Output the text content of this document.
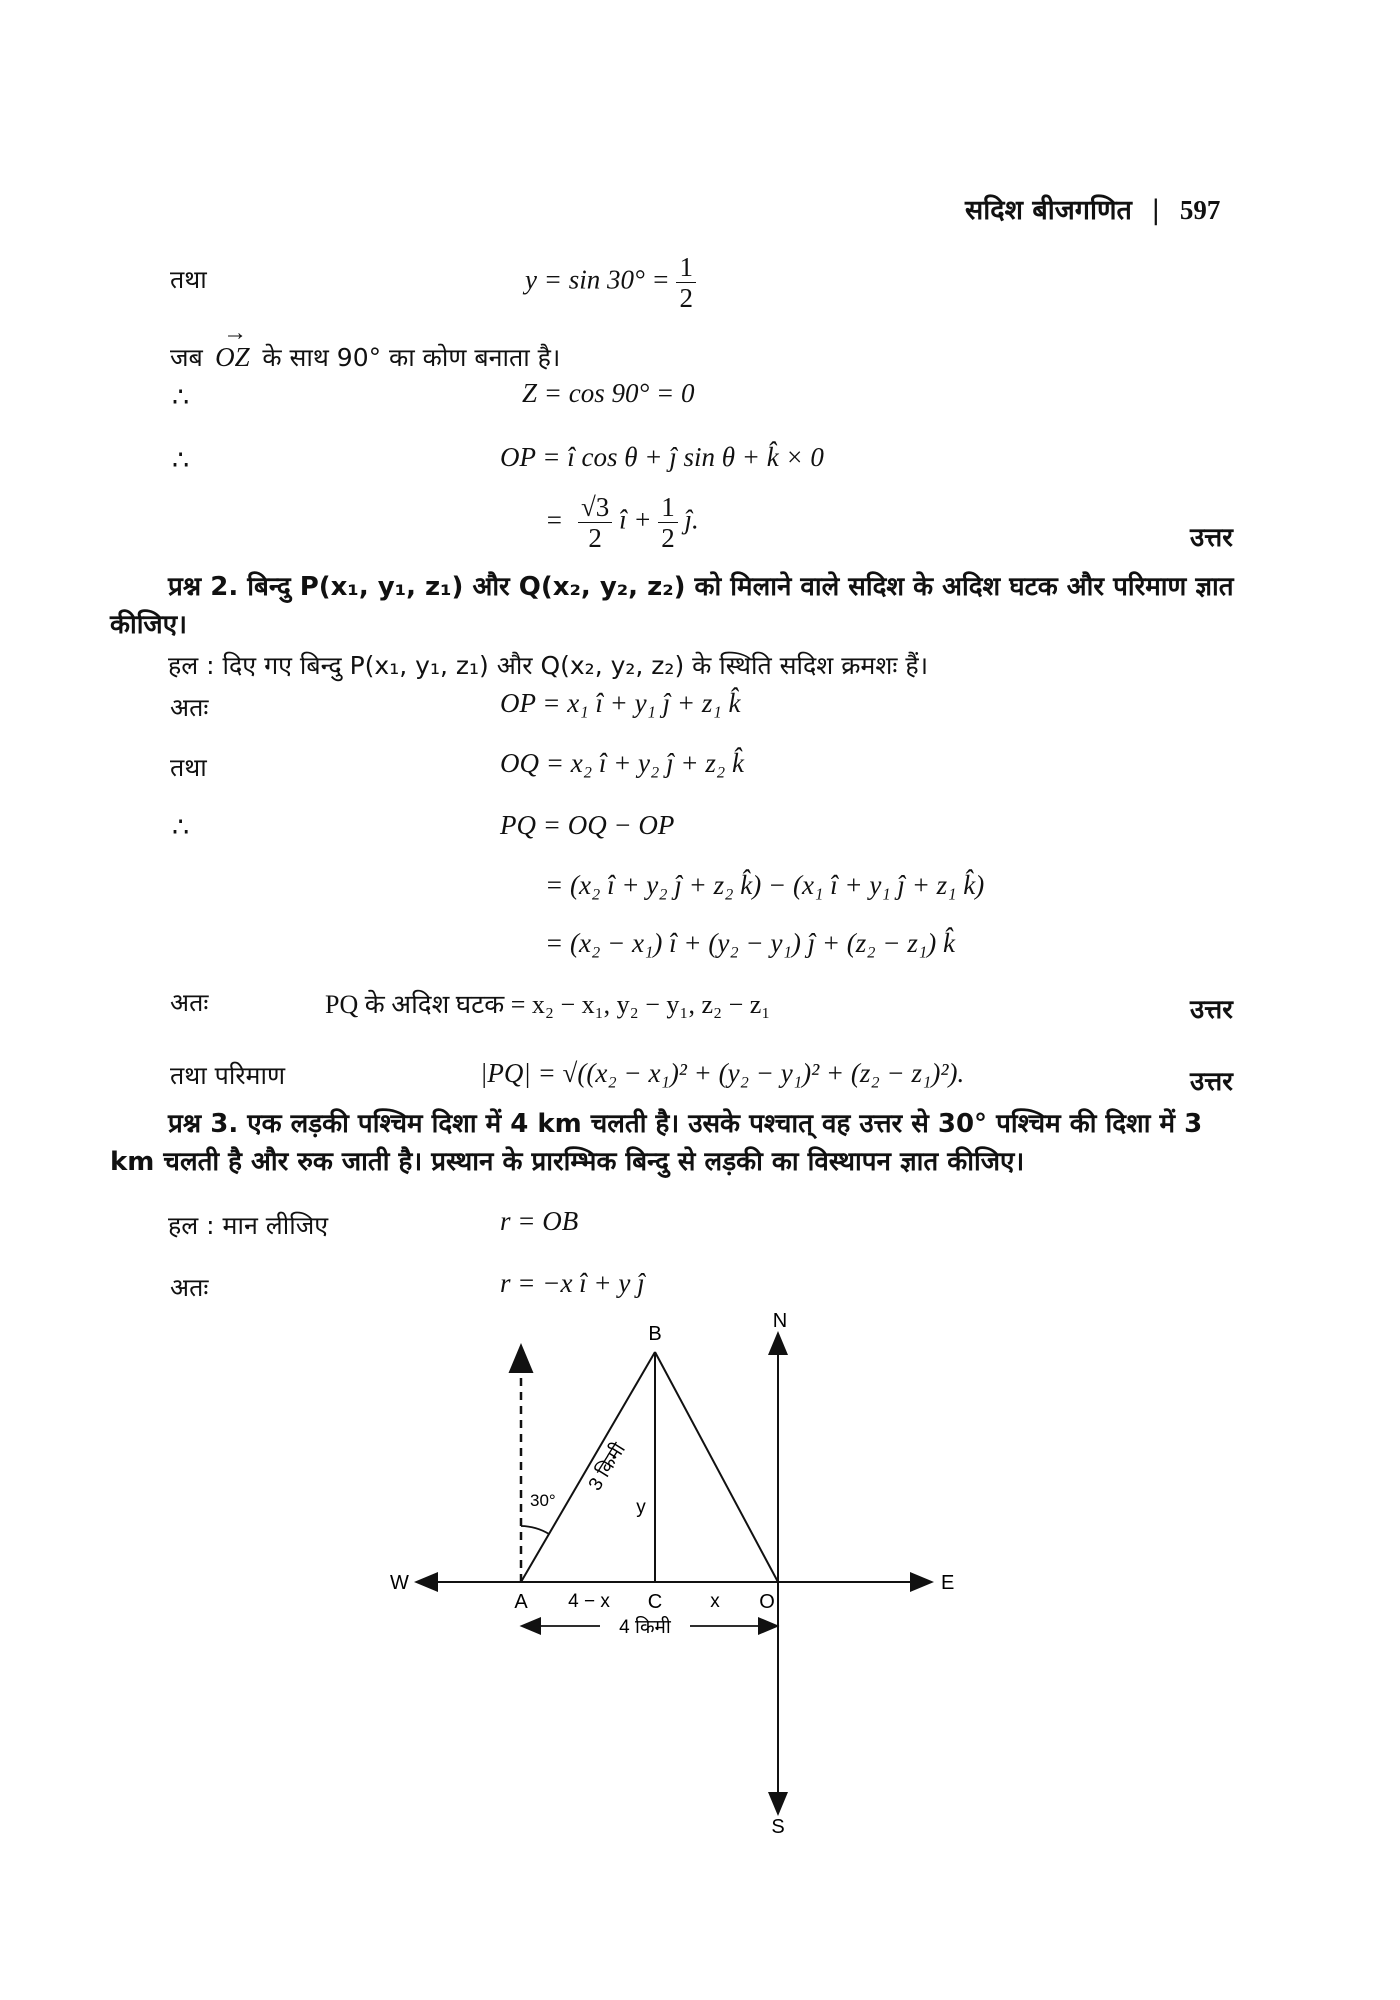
सदिश बीजगणित | 597
तथा	$y = \sin 30^\circ = \frac{1}{2}$
जब
→
OZ के साथ 90° का कोण बनाता है।
∴	Z = cos 90° = 0
∴	OP = î cos θ + ĵ sin θ + k̂ × 0
= $\frac{√3}{2}$ î + $\frac{1}{2}$ ĵ.
उत्तर
प्रश्न 2. बिन्दु P(x₁, y₁, z₁) और Q(x₂, y₂, z₂) को मिलाने वाले सदिश के अदिश घटक और परिमाण ज्ञात कीजिए।
हल : दिए गए बिन्दु P(x₁, y₁, z₁) और Q(x₂, y₂, z₂) के स्थिति सदिश क्रमशः हैं।
अतः	OP = x₁ î + y₁ ĵ + z₁ k̂
तथा	OQ = x₂ î + y₂ ĵ + z₂ k̂
∴	PQ = OQ − OP
= (x₂ î + y₂ ĵ + z₂ k̂) − (x₁ î + y₁ ĵ + z₁ k̂)
= (x₂ − x₁) î + (y₂ − y₁) ĵ + (z₂ − z₁) k̂
अतः	PQ के अदिश घटक = x₂ − x₁, y₂ − y₁, z₂ − z₁	उत्तर
तथा परिमाण	|PQ| = √((x₂ − x₁)² + (y₂ − y₁)² + (z₂ − z₁)²).	उत्तर
प्रश्न 3. एक लड़की पश्चिम दिशा में 4 km चलती है। उसके पश्चात् वह उत्तर से 30° पश्चिम की दिशा में 3 km चलती है और रुक जाती है। प्रस्थान के प्रारम्भिक बिन्दु से लड़की का विस्थापन ज्ञात कीजिए।
हल : मान लीजिए	r = OB
अतः	r = −x î + y ĵ
N
S
E
W
B
A	C	O
30°
3 किमी
y
x
4 − x
4 किमी
